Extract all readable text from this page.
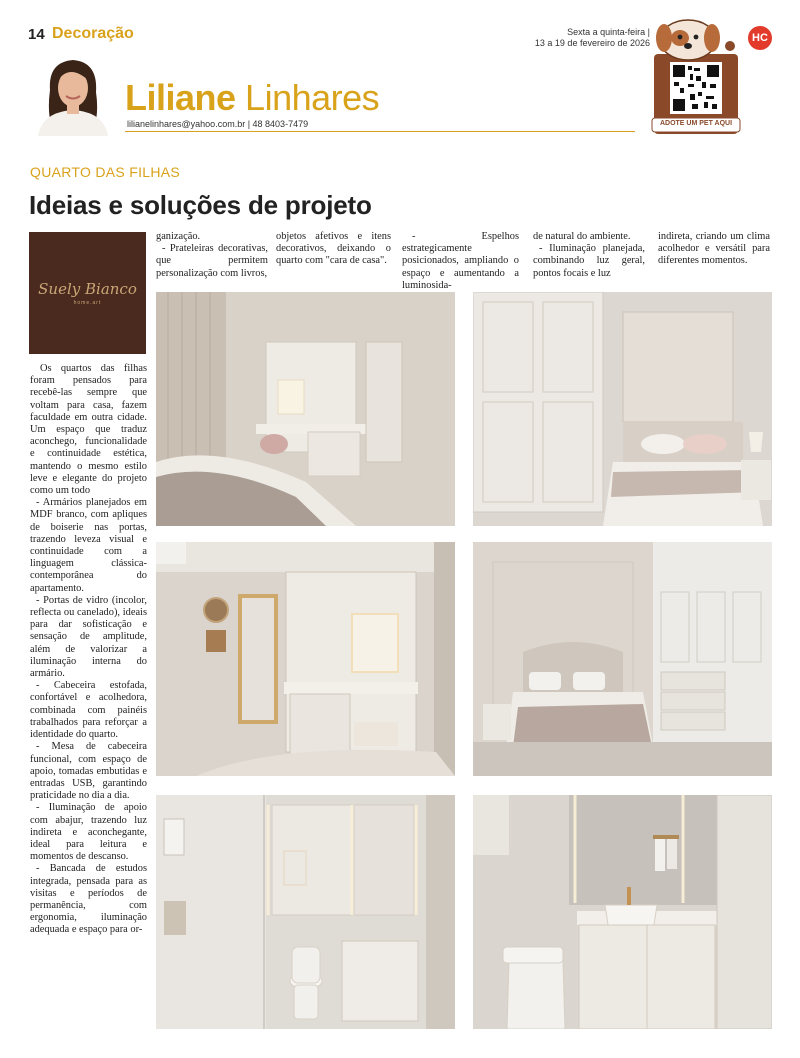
14 Decoração	Sexta a quinta-feira |
13 a 19 de fevereiro de 2026
Liliane Linhares
lilianelinhares@yahoo.com.br | 48 8403-7479	ADOTE UM PET AQUI
HC
QUARTO DAS FILHAS
Ideias e soluções de projeto
Suely Bianco
home.art

Os quartos das filhas foram pensados para recebê-las sempre que voltam para casa, fazem faculdade em outra cidade. Um espaço que traduz aconchego, funcionalidade e continuidade estética, mantendo o mesmo estilo leve e elegante do projeto como um todo

- Armários planejados em MDF branco, com apliques de boiserie nas portas, trazendo leveza visual e continuidade com a linguagem clássica-contemporânea do apartamento.

- Portas de vidro (incolor, reflecta ou canelado), ideais para dar sofisticação e sensação de amplitude, além de valorizar a iluminação interna do armário.

- Cabeceira estofada, confortável e acolhedora, combinada com painéis trabalhados para reforçar a identidade do quarto.

- Mesa de cabeceira funcional, com espaço de apoio, tomadas embutidas e entradas USB, garantindo praticidade no dia a dia.

- Iluminação de apoio com abajur, trazendo luz indireta e aconchegante, ideal para leitura e momentos de descanso.

- Bancada de estudos integrada, pensada para as visitas e períodos de permanência, com ergonomia, iluminação adequada e espaço para or-

ganização.

- Prateleiras decorativas, que permitem personalização com livros,

objetos afetivos e itens decorativos, deixando o quarto com "cara de casa".

- Espelhos estrategicamente posicionados, ampliando o espaço e aumentando a luminosida-

de natural do ambiente.

- Iluminação planejada, combinando luz geral, pontos focais e luz

indireta, criando um clima acolhedor e versátil para diferentes momentos.
